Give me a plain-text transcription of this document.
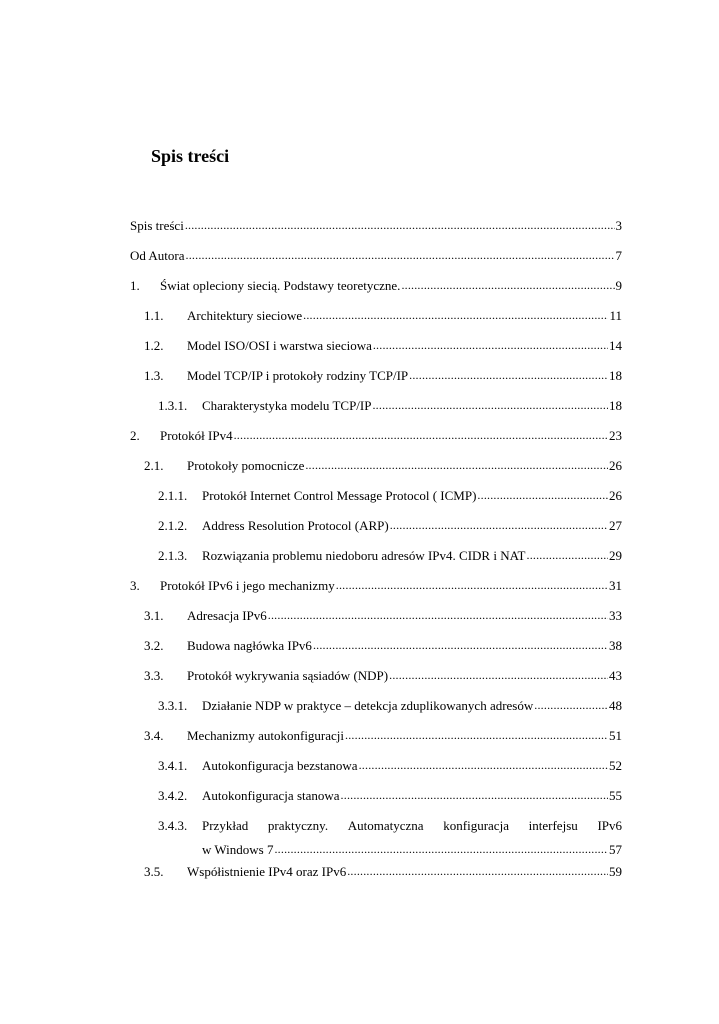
Spis treści
Spis treści .....	3
Od Autora .....	7
1.	Świat opleciony siecią. Podstawy teoretyczne. .....	9
1.1.	Architektury sieciowe .....	11
1.2.	Model ISO/OSI i warstwa sieciowa .....	14
1.3.	Model TCP/IP i protokoły rodziny TCP/IP .....	18
1.3.1.	Charakterystyka modelu TCP/IP .....	18
2.	Protokół IPv4 .....	23
2.1.	Protokoły pomocnicze .....	26
2.1.1.	Protokół Internet Control Message Protocol ( ICMP) .....	26
2.1.2.	Address Resolution Protocol (ARP) .....	27
2.1.3.	Rozwiązania problemu niedoboru adresów IPv4. CIDR i NAT .....	29
3.	Protokół IPv6 i jego mechanizmy .....	31
3.1.	Adresacja IPv6 .....	33
3.2.	Budowa nagłówka IPv6 .....	38
3.3.	Protokół wykrywania sąsiadów (NDP) .....	43
3.3.1.	Działanie NDP w praktyce – detekcja zduplikowanych adresów .....	48
3.4.	Mechanizmy autokonfiguracji .....	51
3.4.1.	Autokonfiguracja bezstanowa .....	52
3.4.2.	Autokonfiguracja stanowa .....	55
3.4.3. Przykład praktyczny. Automatyczna konfiguracja interfejsu IPv6
w Windows 7 .....	57
3.5.	Współistnienie IPv4 oraz IPv6 .....	59
